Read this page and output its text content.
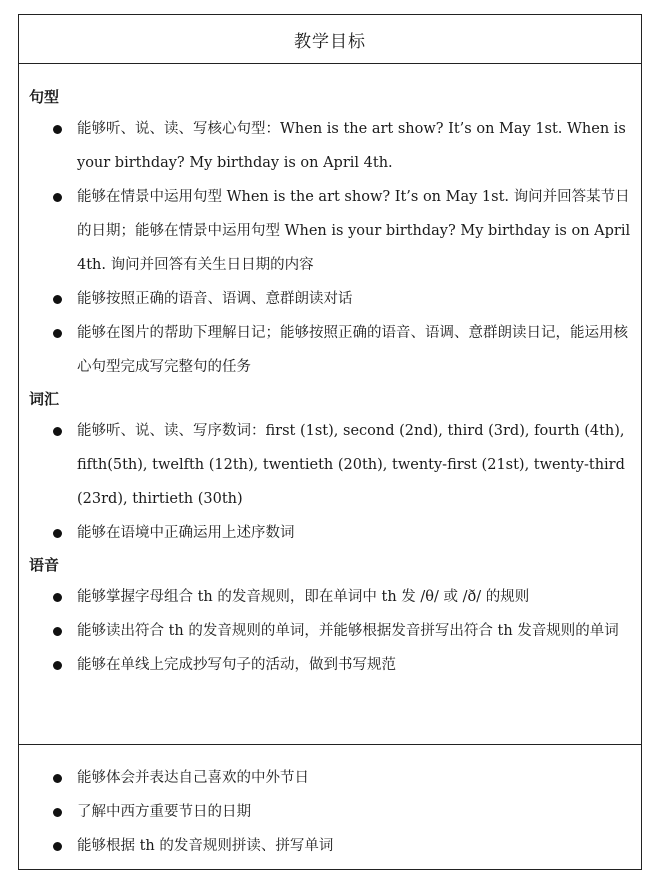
教学目标
句型
能够听、说、读、写核心句型：When is the art show? It’s on May 1st. When is your birthday? My birthday is on April 4th.
能够在情景中运用句型 When is the art show? It’s on May 1st. 询问并回答某节日的日期；能够在情景中运用句型 When is your birthday? My birthday is on April 4th. 询问并回答有关生日日期的内容
能够按照正确的语音、语调、意群朗读对话
能够在图片的帮助下理解日记；能够按照正确的语音、语调、意群朗读日记，能运用核心句型完成写完整句的任务
词汇
能够听、说、读、写序数词：first (1st), second (2nd), third (3rd), fourth (4th), fifth(5th), twelfth (12th), twentieth (20th), twenty-first (21st), twenty-third (23rd), thirtieth (30th)
能够在语境中正确运用上述序数词
语音
能够掌握字母组合 th 的发音规则，即在单词中 th 发 /θ/ 或 /ð/ 的规则
能够读出符合 th 的发音规则的单词，并能够根据发音拼写出符合 th 发音规则的单词
能够在单线上完成抄写句子的活动，做到书写规范
能够体会并表达自己喜欢的中外节日
了解中西方重要节日的日期
能够根据 th 的发音规则拼读、拼写单词
